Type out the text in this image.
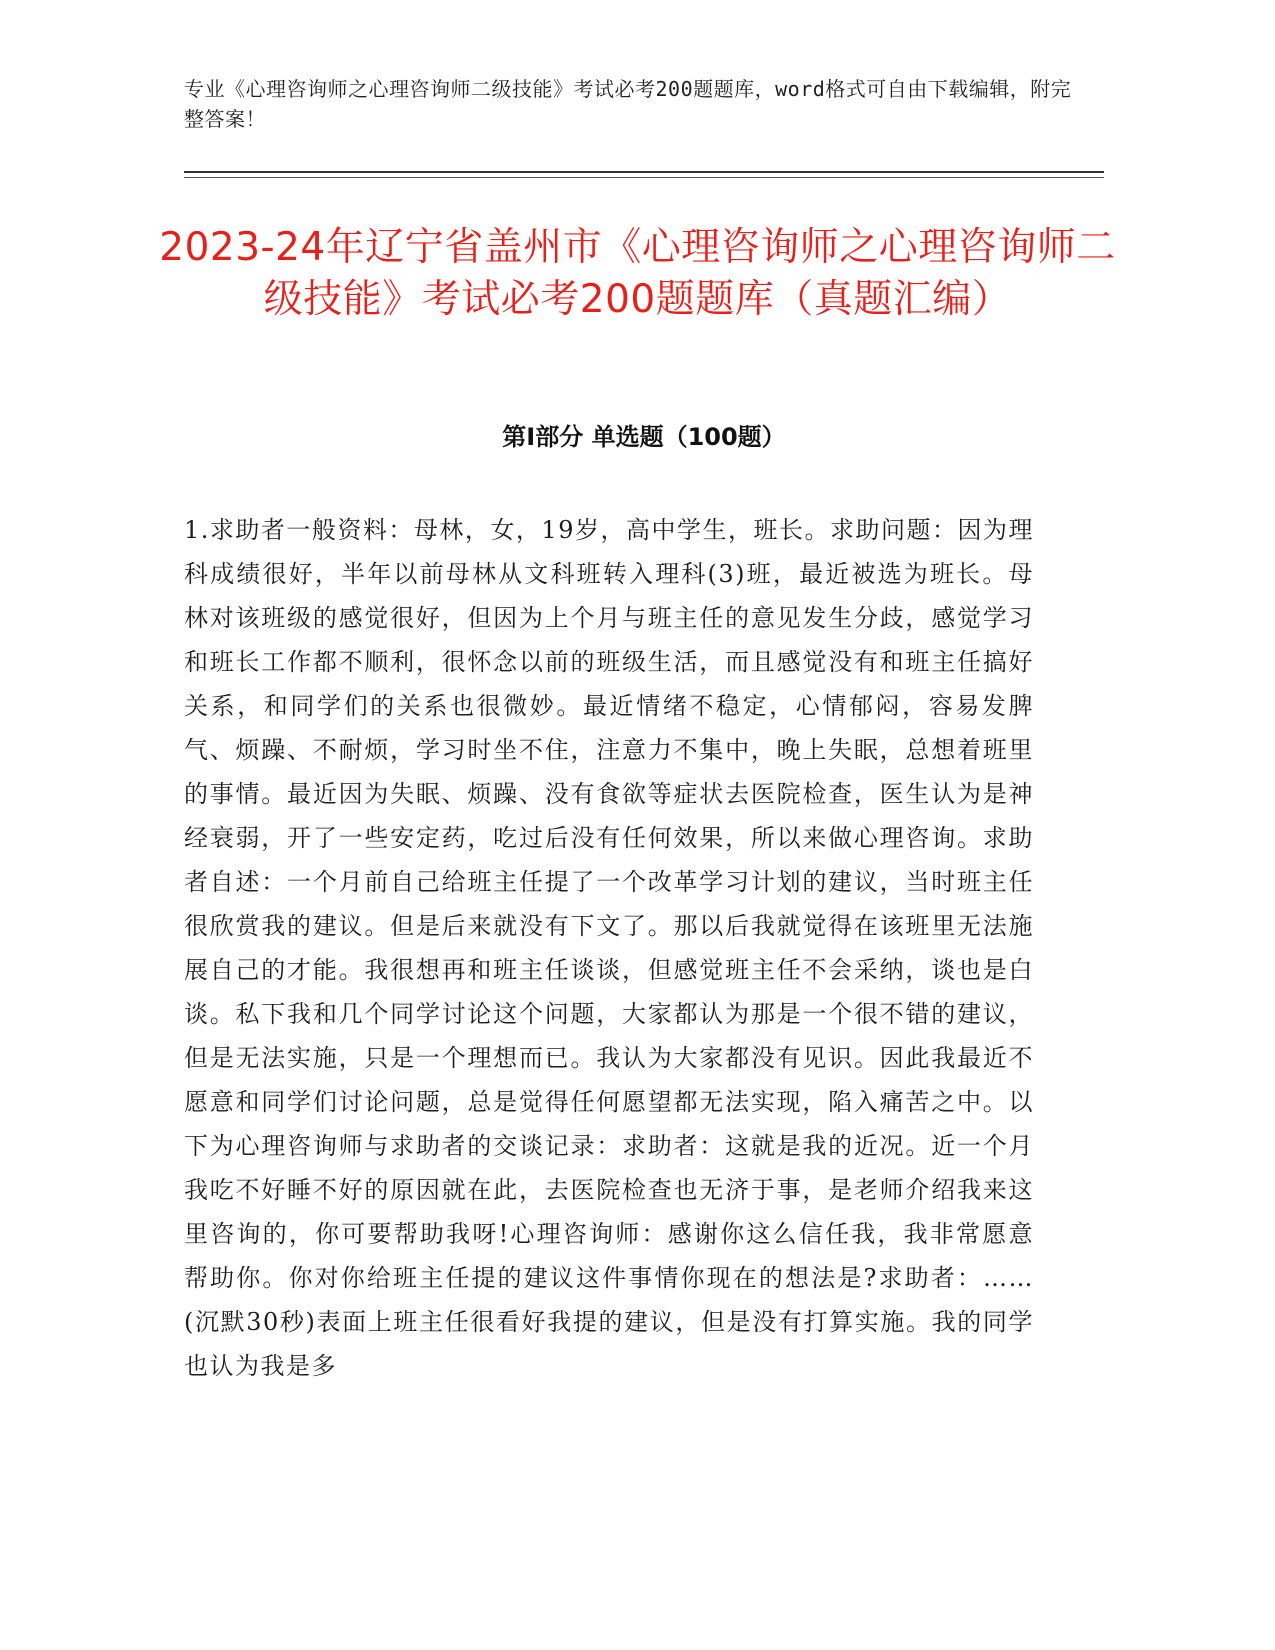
专业《心理咨询师之心理咨询师二级技能》考试必考200题题库，word格式可自由下载编辑，附完整答案！
2023-24年辽宁省盖州市《心理咨询师之心理咨询师二级技能》考试必考200题题库（真题汇编）
第Ⅰ部分 单选题（100题）

1.求助者一般资料：母林，女，19岁，高中学生，班长。求助问题：因为理科成绩很好，半年以前母林从文科班转入理科(3)班，最近被选为班长。母林对该班级的感觉很好，但因为上个月与班主任的意见发生分歧，感觉学习和班长工作都不顺利，很怀念以前的班级生活，而且感觉没有和班主任搞好关系，和同学们的关系也很微妙。最近情绪不稳定，心情郁闷，容易发脾气、烦躁、不耐烦，学习时坐不住，注意力不集中，晚上失眠，总想着班里的事情。最近因为失眠、烦躁、没有食欲等症状去医院检查，医生认为是神经衰弱，开了一些安定药，吃过后没有任何效果，所以来做心理咨询。求助者自述：一个月前自己给班主任提了一个改革学习计划的建议，当时班主任很欣赏我的建议。但是后来就没有下文了。那以后我就觉得在该班里无法施展自己的才能。我很想再和班主任谈谈，但感觉班主任不会采纳，谈也是白谈。私下我和几个同学讨论这个问题，大家都认为那是一个很不错的建议，但是无法实施，只是一个理想而已。我认为大家都没有见识。因此我最近不愿意和同学们讨论问题，总是觉得任何愿望都无法实现，陷入痛苦之中。以下为心理咨询师与求助者的交谈记录：求助者：这就是我的近况。近一个月我吃不好睡不好的原因就在此，去医院检查也无济于事，是老师介绍我来这里咨询的，你可要帮助我呀!心理咨询师：感谢你这么信任我，我非常愿意帮助你。你对你给班主任提的建议这件事情你现在的想法是?求助者：……(沉默30秒)表面上班主任很看好我提的建议，但是没有打算实施。我的同学也认为我是多
